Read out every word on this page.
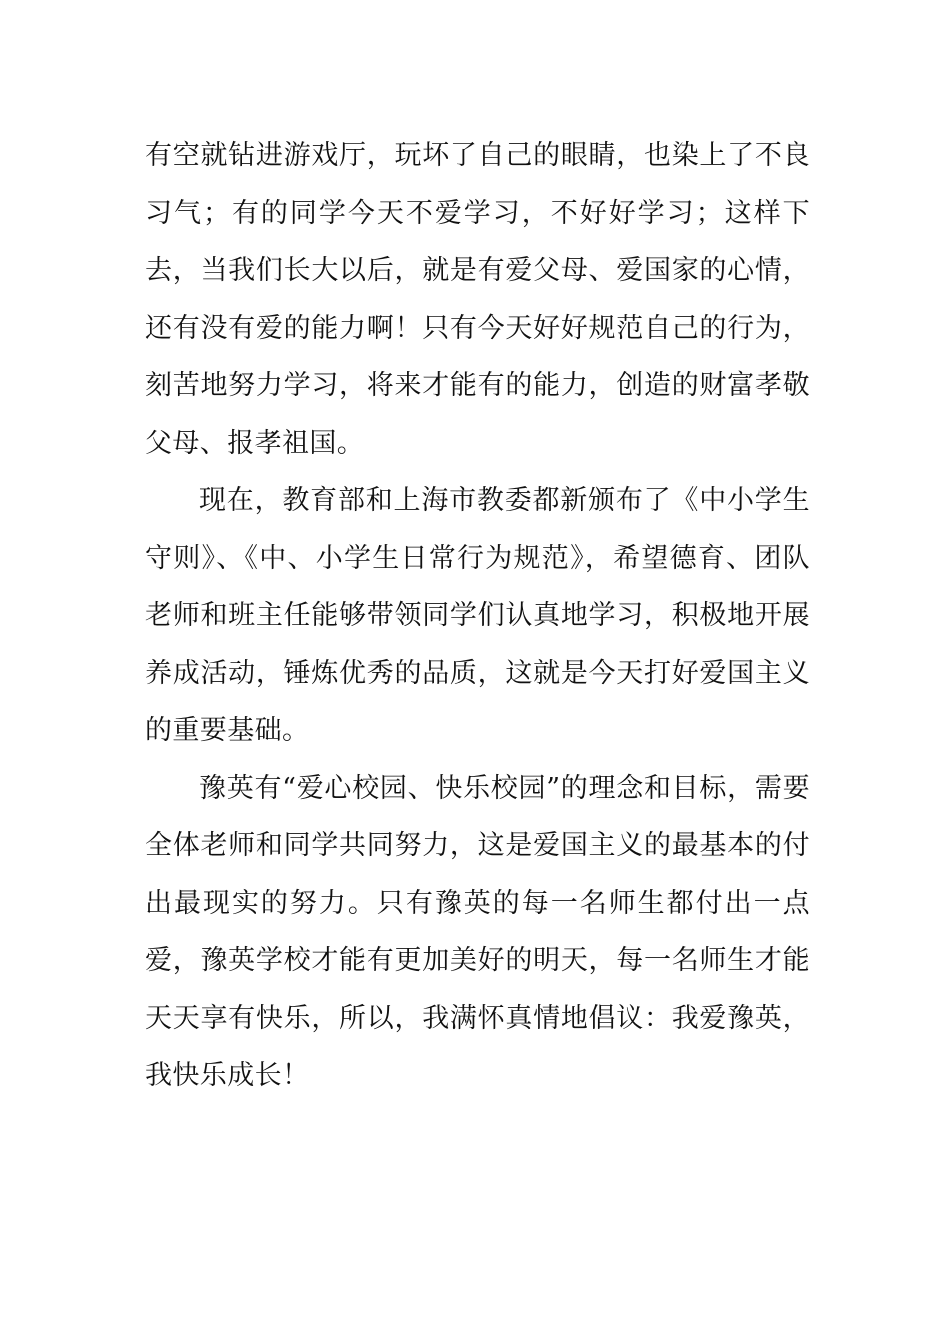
有空就钻进游戏厅，玩坏了自己的眼睛，也染上了不良习气；有的同学今天不爱学习，不好好学习；这样下去，当我们长大以后，就是有爱父母、爱国家的心情，还有没有爱的能力啊！只有今天好好规范自己的行为，刻苦地努力学习，将来才能有的能力，创造的财富孝敬父母、报孝祖国。

现在，教育部和上海市教委都新颁布了《中小学生守则》、《中、小学生日常行为规范》，希望德育、团队老师和班主任能够带领同学们认真地学习，积极地开展养成活动，锤炼优秀的品质，这就是今天打好爱国主义的重要基础。

豫英有“爱心校园、快乐校园”的理念和目标，需要全体老师和同学共同努力，这是爱国主义的最基本的付出最现实的努力。只有豫英的每一名师生都付出一点爱，豫英学校才能有更加美好的明天，每一名师生才能天天享有快乐，所以，我满怀真情地倡议：我爱豫英，我快乐成长！
